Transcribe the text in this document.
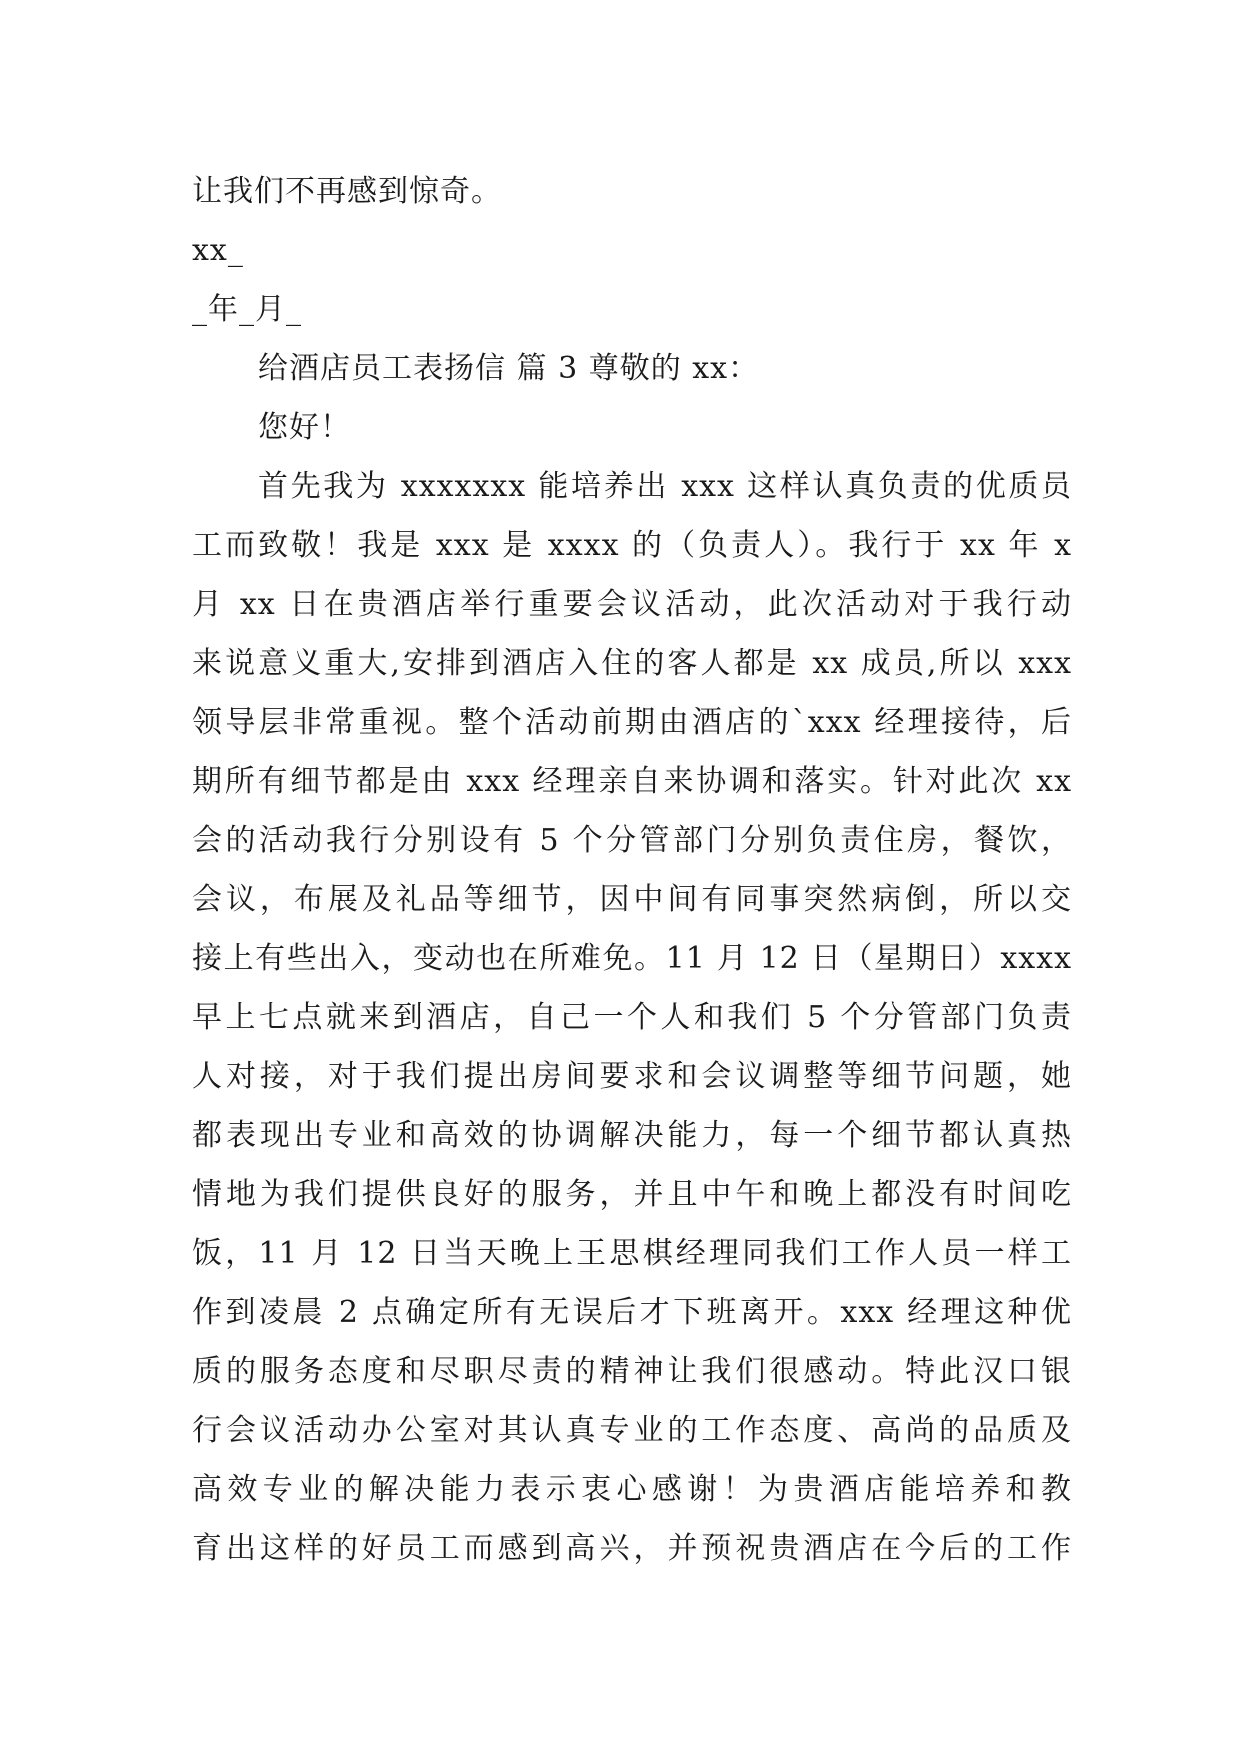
让我们不再感到惊奇。
xx_
_年_月_
给酒店员工表扬信 篇 3 尊敬的 xx：
您好！
首先我为 xxxxxxx 能培养出 xxx 这样认真负责的优质员
工而致敬！我是 xxx 是 xxxx 的（负责人）。我行于 xx 年 x
月 xx 日在贵酒店举行重要会议活动，此次活动对于我行动
来说意义重大,安排到酒店入住的客人都是 xx 成员,所以 xxx
领导层非常重视。整个活动前期由酒店的`xxx 经理接待，后
期所有细节都是由 xxx 经理亲自来协调和落实。针对此次 xx
会的活动我行分别设有 5 个分管部门分别负责住房，餐饮，
会议，布展及礼品等细节，因中间有同事突然病倒，所以交
接上有些出入，变动也在所难免。11 月 12 日（星期日）xxxx
早上七点就来到酒店，自己一个人和我们 5 个分管部门负责
人对接，对于我们提出房间要求和会议调整等细节问题，她
都表现出专业和高效的协调解决能力，每一个细节都认真热
情地为我们提供良好的服务，并且中午和晚上都没有时间吃
饭，11 月 12 日当天晚上王思棋经理同我们工作人员一样工
作到凌晨 2 点确定所有无误后才下班离开。xxx 经理这种优
质的服务态度和尽职尽责的精神让我们很感动。特此汉口银
行会议活动办公室对其认真专业的工作态度、高尚的品质及
高效专业的解决能力表示衷心感谢！为贵酒店能培养和教
育出这样的好员工而感到高兴，并预祝贵酒店在今后的工作
